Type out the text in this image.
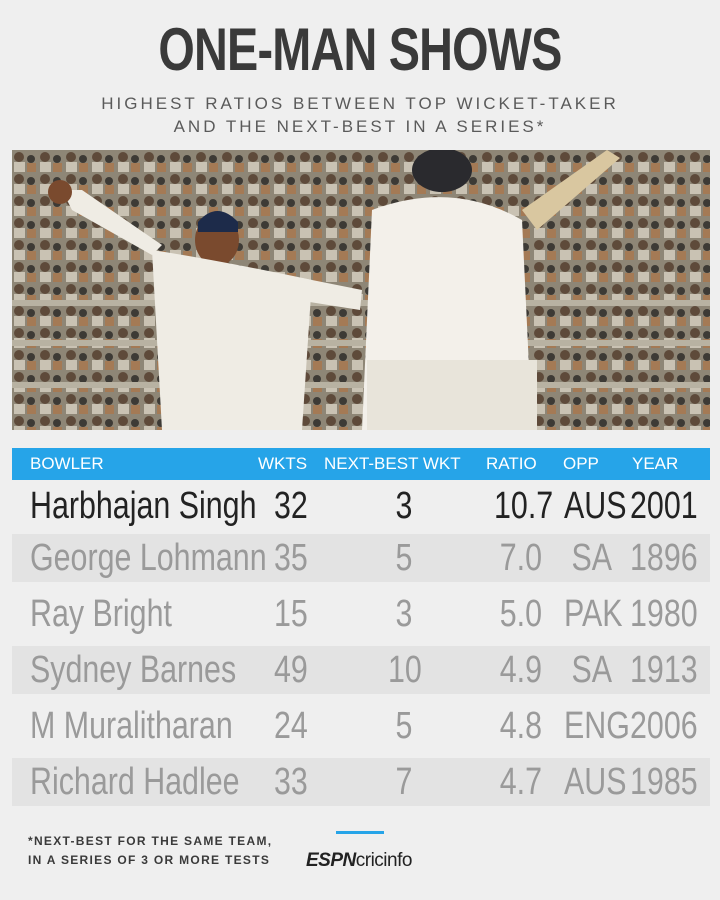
ONE-MAN SHOWS
HIGHEST RATIOS BETWEEN TOP WICKET-TAKER
AND THE NEXT-BEST IN A SERIES*
BOWLER	WKTS NEXT-BEST WKT RATIO OPP YEAR
Harbhajan Singh 32 3 10.7 AUS 2001
George Lohmann 35 5 7.0 SA 1896
Ray Bright	15 3 5.0 PAK 1980
Sydney Barnes 49 10 4.9 SA 1913
M Muralitharan 24 5 4.8 ENG 2006
Richard Hadlee 33 7 4.7 AUS 1985
*NEXT-BEST FOR THE SAME TEAM,
IN A SERIES OF 3 OR MORE TESTS ESPNcricinfo
